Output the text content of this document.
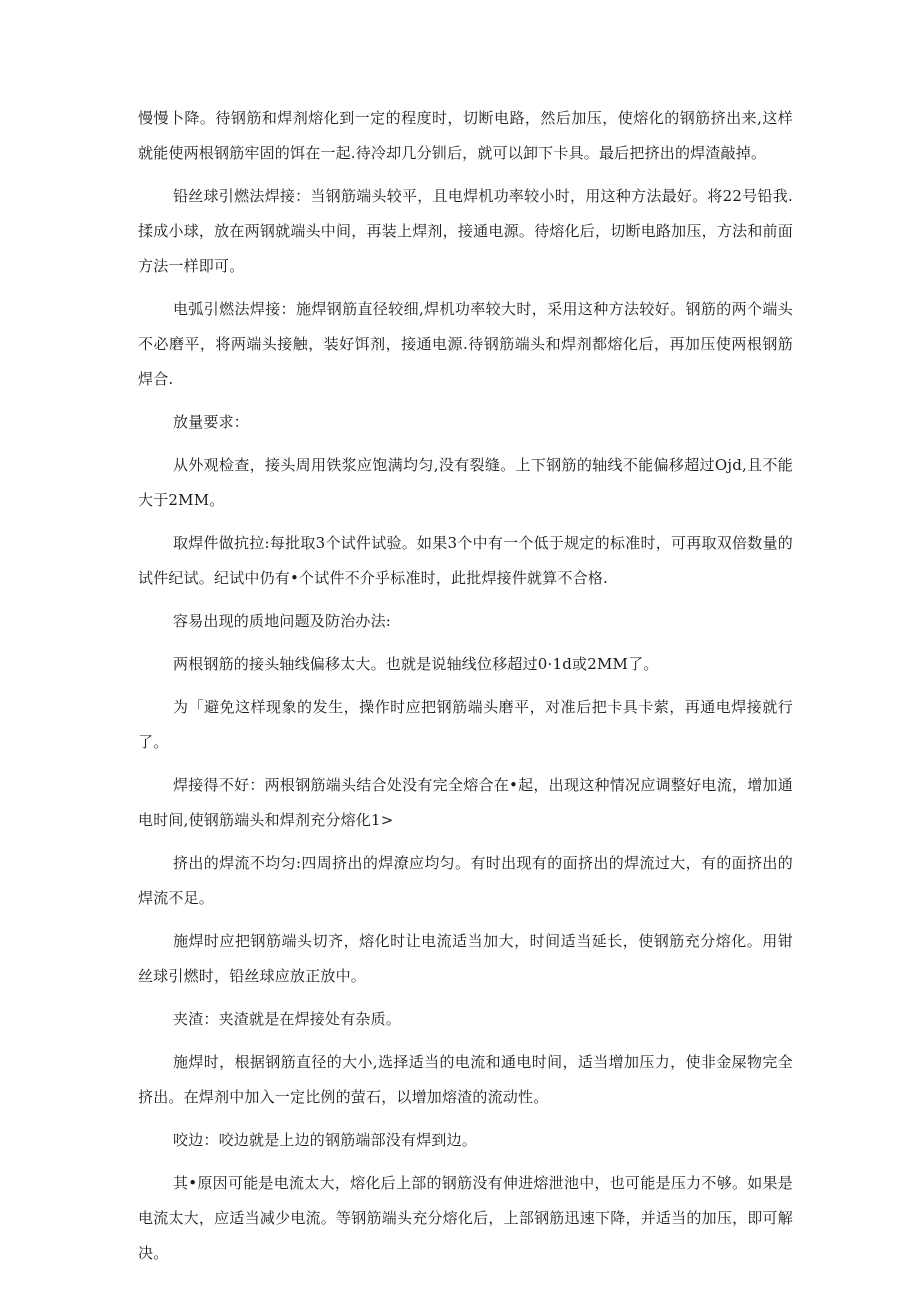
慢慢卜降。待钢筋和焊剂熔化到一定的程度时，切断电路，然后加压，使熔化的钢筋挤出来,这样就能使两根钢筋牢固的饵在一起.待冷却几分钏后，就可以卸下卡具。最后把挤出的焊渣敲掉。

铅丝球引燃法焊接：当钢筋端头较平，且电焊机功率较小时，用这种方法最好。将22号铅我.揉成小球，放在两钢就端头中间，再装上焊剂，接通电源。待熔化后，切断电路加压，方法和前面方法一样即可。

电弧引燃法焊接：施焊钢筋直径较细,焊机功率较大时，采用这种方法较好。钢筋的两个端头不必磨平，将两端头接触，装好饵剂，接通电源.待钢筋端头和焊剂都熔化后，再加压使两根钢筋焊合.

放量要求：

从外观检查，接头周用铁浆应饱满均匀,没有裂缝。上下钢筋的轴线不能偏移超过Ojd,且不能大于2MM。

取焊件做抗拉:每批取3个试件试验。如果3个中有一个低于规定的标准时，可再取双倍数量的试件纪试。纪试中仍有•个试件不介乎标准时，此批焊接件就算不合格.

容易出现的质地问题及防治办法:

两根钢筋的接头轴线偏移太大。也就是说轴线位移超过0·1d或2MM了。

为「避免这样现象的发生，操作时应把钢筋端头磨平，对准后把卡具卡萦，再通电焊接就行了。

焊接得不好：两根钢筋端头结合处没有完全熔合在•起，出现这种情况应调整好电流，增加通电时间,使钢筋端头和焊剂充分熔化1>

挤出的焊流不均匀:四周挤出的焊潦应均匀。有时出现有的面挤出的焊流过大，有的面挤出的焊流不足。

施焊时应把钢筋端头切齐，熔化时让电流适当加大，时间适当延长，使钢筋充分熔化。用钳丝球引燃时，铅丝球应放正放中。

夹渣：夹渣就是在焊接处有杂质。

施焊时，根据钢筋直径的大小,选择适当的电流和通电时间，适当增加压力，使非金屎物完全挤出。在焊剂中加入一定比例的萤石，以增加熔渣的流动性。

咬边：咬边就是上边的钢筋端部没有焊到边。

其•原因可能是电流太大，熔化后上部的钢筋没有伸进熔泄池中，也可能是压力不够。如果是电流太大，应适当减少电流。等钢筋端头充分熔化后，上部钢筋迅速下降，并适当的加压，即可解决。
